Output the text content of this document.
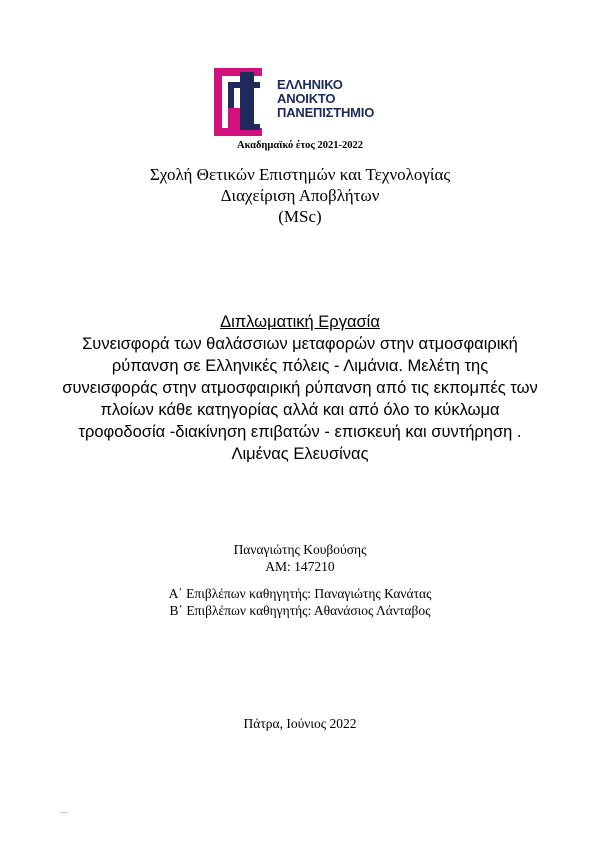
ΕΛΛΗΝΙΚΟ
ΑΝΟΙΚΤΟ
ΠΑΝΕΠΙΣΤΗΜΙΟ
Ακαδημαϊκό έτος 2021-2022
Σχολή Θετικών Επιστημών και Τεχνολογίας
Διαχείριση Αποβλήτων
(MSc)
Διπλωματική Εργασία
Συνεισφορά των θαλάσσιων μεταφορών στην ατμοσφαιρική
ρύπανση σε Ελληνικές πόλεις - Λιμάνια. Μελέτη της
συνεισφοράς στην ατμοσφαιρική ρύπανση από τις εκπομπές των
πλοίων κάθε κατηγορίας αλλά και από όλο το κύκλωμα
τροφοδοσία -διακίνηση επιβατών - επισκευή και συντήρηση .
Λιμένας Ελευσίνας
Παναγιώτης Κουβούσης
ΑΜ: 147210
Α΄ Επιβλέπων καθηγητής: Παναγιώτης Κανάτας
Β΄ Επιβλέπων καθηγητής: Αθανάσιος Λάνταβος
Πάτρα, Ιούνιος 2022
